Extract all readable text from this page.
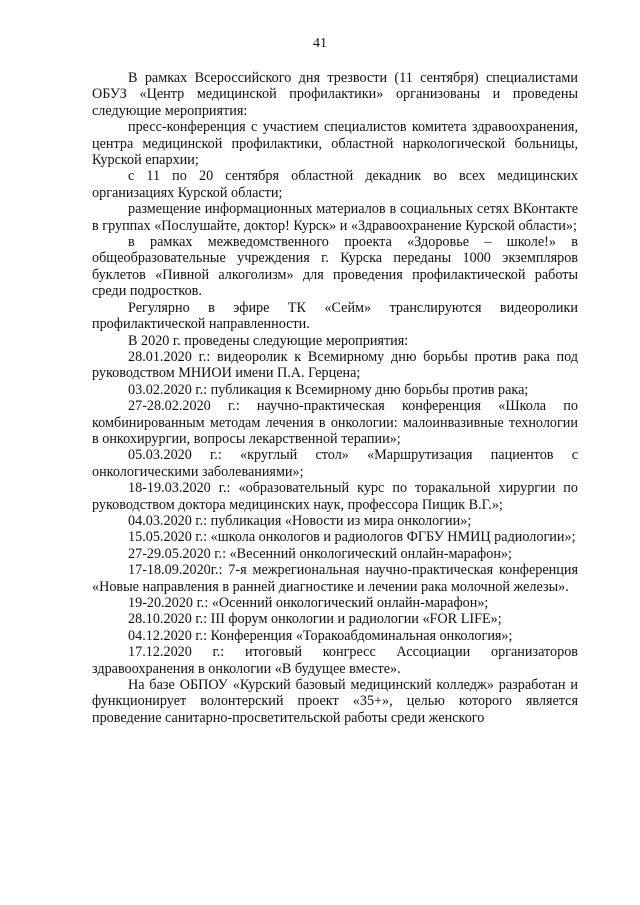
41

В рамках Всероссийского дня трезвости (11 сентября) специалистами ОБУЗ «Центр медицинской профилактики» организованы и проведены следующие мероприятия:

пресс-конференция с участием специалистов комитета здравоохранения, центра медицинской профилактики, областной наркологической больницы, Курской епархии;

с 11 по 20 сентября областной декадник во всех медицинских организациях Курской области;

размещение информационных материалов в социальных сетях ВКонтакте в группах «Послушайте, доктор! Курск» и «Здравоохранение Курской области»;

в рамках межведомственного проекта «Здоровье – школе!» в общеобразовательные учреждения г. Курска переданы 1000 экземпляров буклетов «Пивной алкоголизм» для проведения профилактической работы среди подростков.

Регулярно в эфире ТК «Сейм» транслируются видеоролики профилактической направленности.

В 2020 г. проведены следующие мероприятия:

28.01.2020 г.: видеоролик к Всемирному дню борьбы против рака под руководством МНИОИ имени П.А. Герцена;

03.02.2020 г.: публикация к Всемирному дню борьбы против рака;

27-28.02.2020 г.: научно-практическая конференция «Школа по комбинированным методам лечения в онкологии: малоинвазивные технологии в онкохирургии, вопросы лекарственной терапии»;

05.03.2020 г.: «круглый стол» «Маршрутизация пациентов с онкологическими заболеваниями»;

18-19.03.2020 г.: «образовательный курс по торакальной хирургии по руководством доктора медицинских наук, профессора Пищик В.Г.»;

04.03.2020 г.: публикация «Новости из мира онкологии»;

15.05.2020 г.: «школа онкологов и радиологов ФГБУ НМИЦ радиологии»;

27-29.05.2020 г.: «Весенний онкологический онлайн-марафон»;

17-18.09.2020г.: 7-я межрегиональная научно-практическая конференция «Новые направления в ранней диагностике и лечении рака молочной железы».

19-20.2020 г.: «Осенний онкологический онлайн-марафон»;

28.10.2020 г.: III форум онкологии и радиологии «FOR LIFE»;

04.12.2020 г.: Конференция «Торакоабдоминальная онкология»;

17.12.2020 г.: итоговый конгресс Ассоциации организаторов здравоохранения в онкологии «В будущее вместе».

На базе ОБПОУ «Курский базовый медицинский колледж» разработан и функционирует волонтерский проект «35+», целью которого является проведение санитарно-просветительской работы среди женского
